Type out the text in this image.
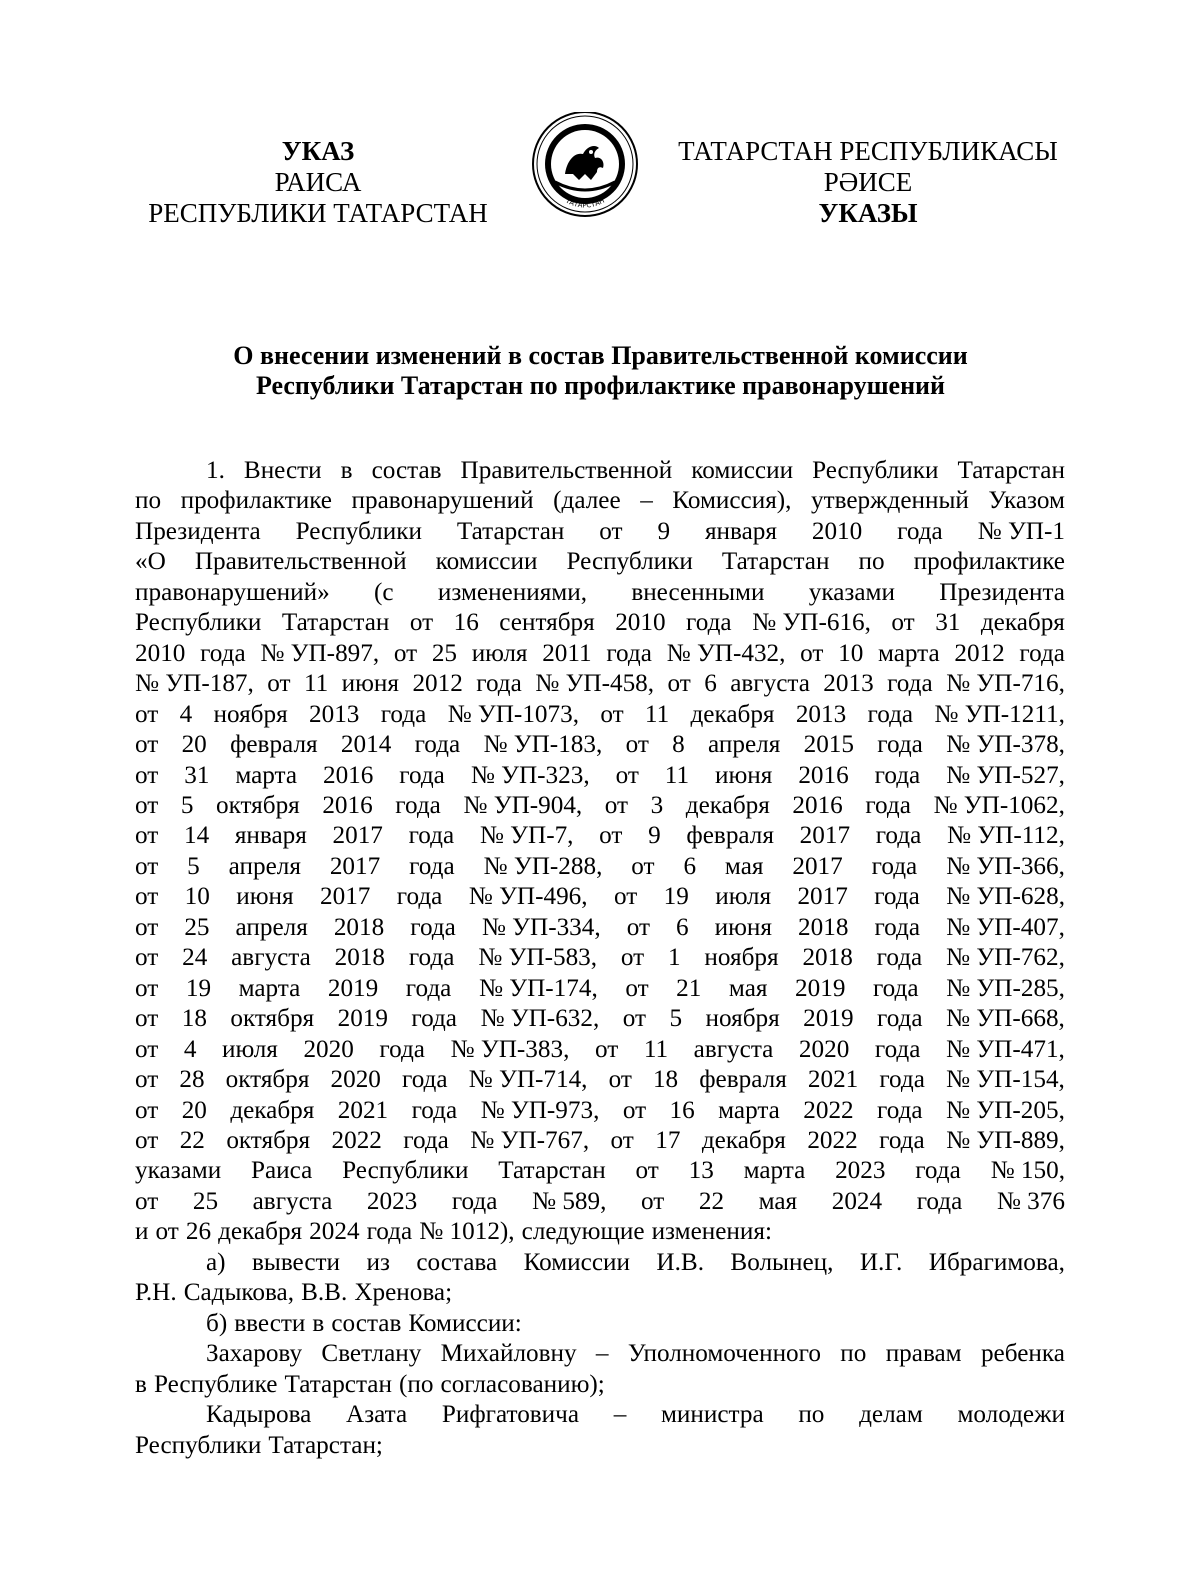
УКАЗ
РАИСА
РЕСПУБЛИКИ ТАТАРСТАН	ТАТАРСТАН
ТАТАРСТАН РЕСПУБЛИКАСЫ
РӘИСЕ
УКАЗЫ
О внесении изменений в состав Правительственной комиссии
Республики Татарстан по профилактике правонарушений
1. Внести в состав Правительственной комиссии Республики Татарстан
по профилактике правонарушений (далее – Комиссия), утвержденный Указом
Президента Республики Татарстан от 9 января 2010 года № УП-1
«О Правительственной комиссии Республики Татарстан по профилактике
правонарушений» (с изменениями, внесенными указами Президента
Республики Татарстан от 16 сентября 2010 года № УП-616, от 31 декабря
2010 года № УП-897, от 25 июля 2011 года № УП-432, от 10 марта 2012 года
№ УП-187, от 11 июня 2012 года № УП-458, от 6 августа 2013 года № УП-716,
от 4 ноября 2013 года № УП-1073, от 11 декабря 2013 года № УП-1211,
от 20 февраля 2014 года № УП-183, от 8 апреля 2015 года № УП-378,
от 31 марта 2016 года № УП-323, от 11 июня 2016 года № УП-527,
от 5 октября 2016 года № УП-904, от 3 декабря 2016 года № УП-1062,
от 14 января 2017 года № УП-7, от 9 февраля 2017 года № УП-112,
от 5 апреля 2017 года № УП-288, от 6 мая 2017 года № УП-366,
от 10 июня 2017 года № УП-496, от 19 июля 2017 года № УП-628,
от 25 апреля 2018 года № УП-334, от 6 июня 2018 года № УП-407,
от 24 августа 2018 года № УП-583, от 1 ноября 2018 года № УП-762,
от 19 марта 2019 года № УП-174, от 21 мая 2019 года № УП-285,
от 18 октября 2019 года № УП-632, от 5 ноября 2019 года № УП-668,
от 4 июля 2020 года № УП-383, от 11 августа 2020 года № УП-471,
от 28 октября 2020 года № УП-714, от 18 февраля 2021 года № УП-154,
от 20 декабря 2021 года № УП-973, от 16 марта 2022 года № УП-205,
от 22 октября 2022 года № УП-767, от 17 декабря 2022 года № УП-889,
указами Раиса Республики Татарстан от 13 марта 2023 года № 150,
от 25 августа 2023 года № 589, от 22 мая 2024 года № 376
и от 26 декабря 2024 года № 1012), следующие изменения:
а) вывести из состава Комиссии И.В. Волынец, И.Г. Ибрагимова,
Р.Н. Садыкова, В.В. Хренова;
б) ввести в состав Комиссии:
Захарову Светлану Михайловну – Уполномоченного по правам ребенка
в Республике Татарстан (по согласованию);
Кадырова Азата Рифгатовича – министра по делам молодежи
Республики Татарстан;
